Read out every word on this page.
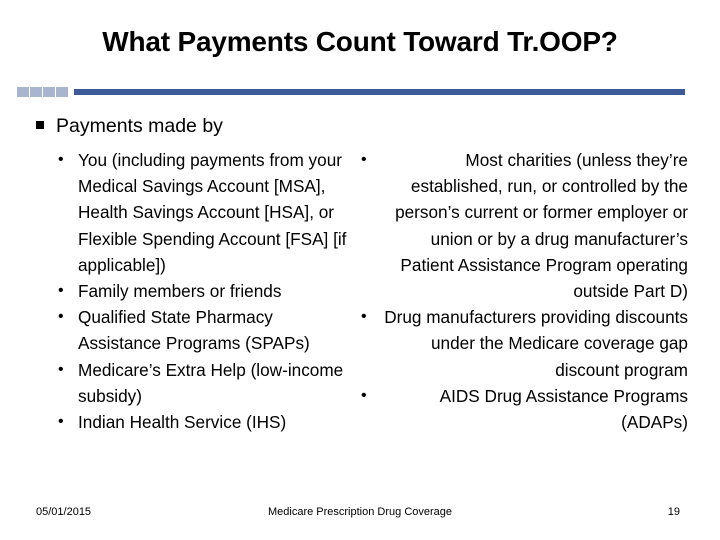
What Payments Count Toward Tr.OOP?
Payments made by
• You (including payments from your Medical Savings Account [MSA], Health Savings Account [HSA], or Flexible Spending Account [FSA] [if applicable])
• Family members or friends
• Qualified State Pharmacy Assistance Programs (SPAPs)
• Medicare’s Extra Help (low-income subsidy)
• Indian Health Service (IHS)
• Most charities (unless they’re established, run, or controlled by the person’s current or former employer or union or by a drug manufacturer’s Patient Assistance Program operating outside Part D)
• Drug manufacturers providing discounts under the Medicare coverage gap discount program
• AIDS Drug Assistance Programs (ADAPs)
05/01/2015	Medicare Prescription Drug Coverage	19
